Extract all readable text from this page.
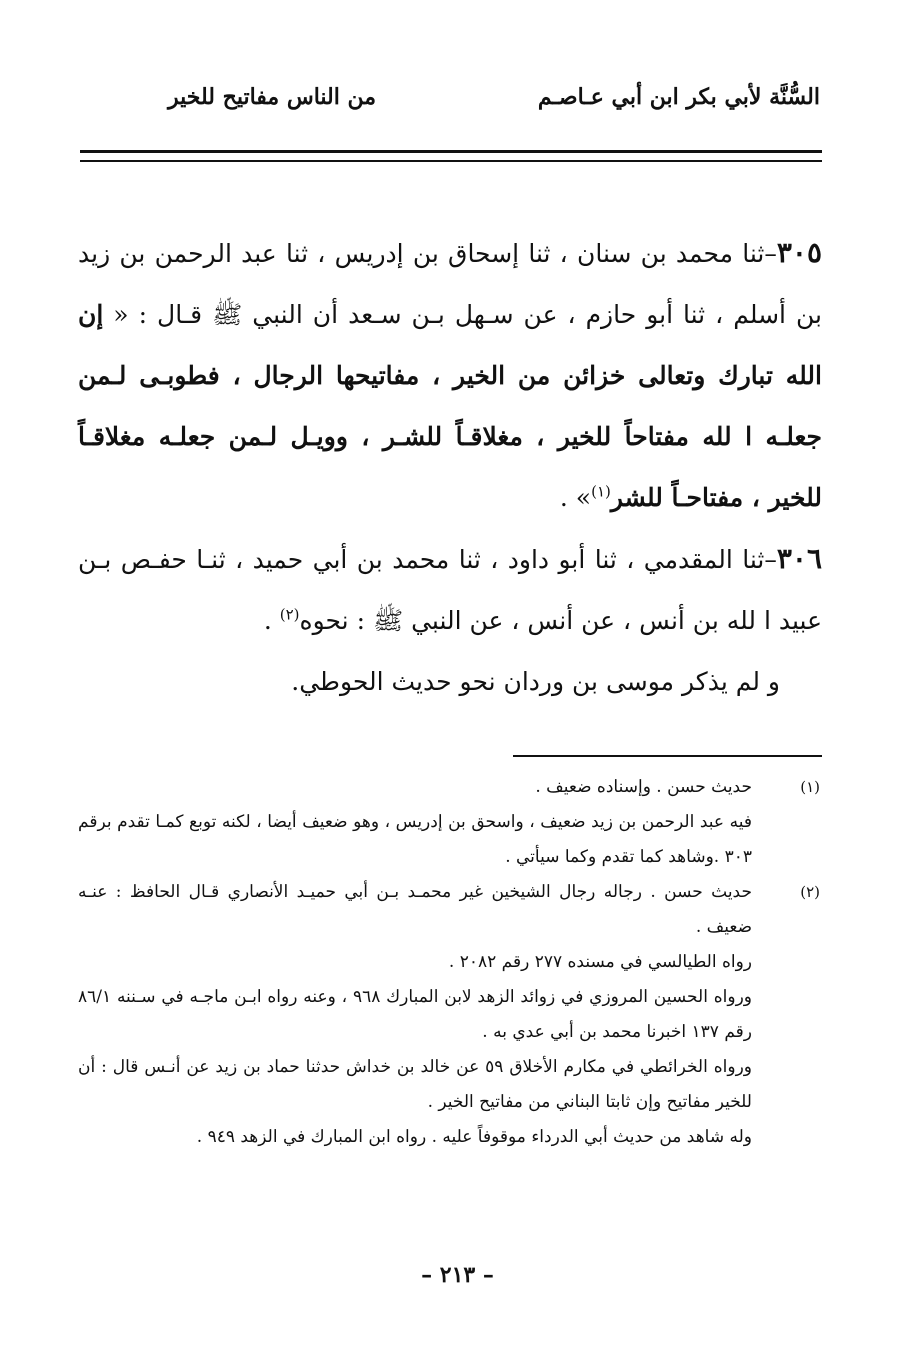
السُّنَّة لأبي بكر ابن أبي عـاصـم
من الناس مفاتيح للخير

٣٠٥–ثنا محمد بن سنان ، ثنا إسحاق بن إدريس ، ثنا عبد الرحمن بن زيد بن أسلم ، ثنا أبو حازم ، عن سـهل بـن سـعد أن النبي ﷺ قـال : « إن الله تبارك وتعالى خزائن من الخير ، مفاتيحها الرجال ، فطوبـى لـمن جعلـه ا لله مفتاحاً للخير ، مغلاقـاً للشـر ، وويـل لـمن جعلـه مغلاقـاً للخير ، مفتاحـاً للشر$^{(١)}$» .

٣٠٦–ثنا المقدمي ، ثنا أبو داود ، ثنا محمد بن أبي حميد ، ثنـا حفـص بـن عبيد ا لله بن أنس ، عن أنس ، عن النبي ﷺ : نحوه$^{(٢)}$ .

و لم يذكر موسى بن وردان نحو حديث الحوطي.

(١)

حديث حسن . وإسناده ضعيف .

فيه عبد الرحمن بن زيد ضعيف ، واسحق بن إدريس ، وهو ضعيف أيضا ، لكنه توبع كمـا تقدم برقم ٣٠٣ .وشاهد كما تقدم وكما سيأتي .

(٢)

حديث حسن . رجاله رجال الشيخين غير محمـد بـن أبي حميـد الأنصاري قـال الحافظ : عنـه ضعيف .

رواه الطيالسي في مسنده ٢٧٧ رقم ٢٠٨٢ .

ورواه الحسين المروزي في زوائد الزهد لابن المبارك ٩٦٨ ، وعنه رواه ابـن ماجـه في سـننه ٨٦/١ رقم ١٣٧ اخبرنا محمد بن أبي عدي به .

ورواه الخرائطي في مكارم الأخلاق ٥٩ عن خالد بن خداش حدثنا حماد بن زيد عن أنـس قال : أن للخير مفاتيح وإن ثابتا البناني من مفاتيح الخير .

وله شاهد من حديث أبي الدرداء موقوفاً عليه . رواه ابن المبارك في الزهد ٩٤٩ .

– ٢١٣ –
